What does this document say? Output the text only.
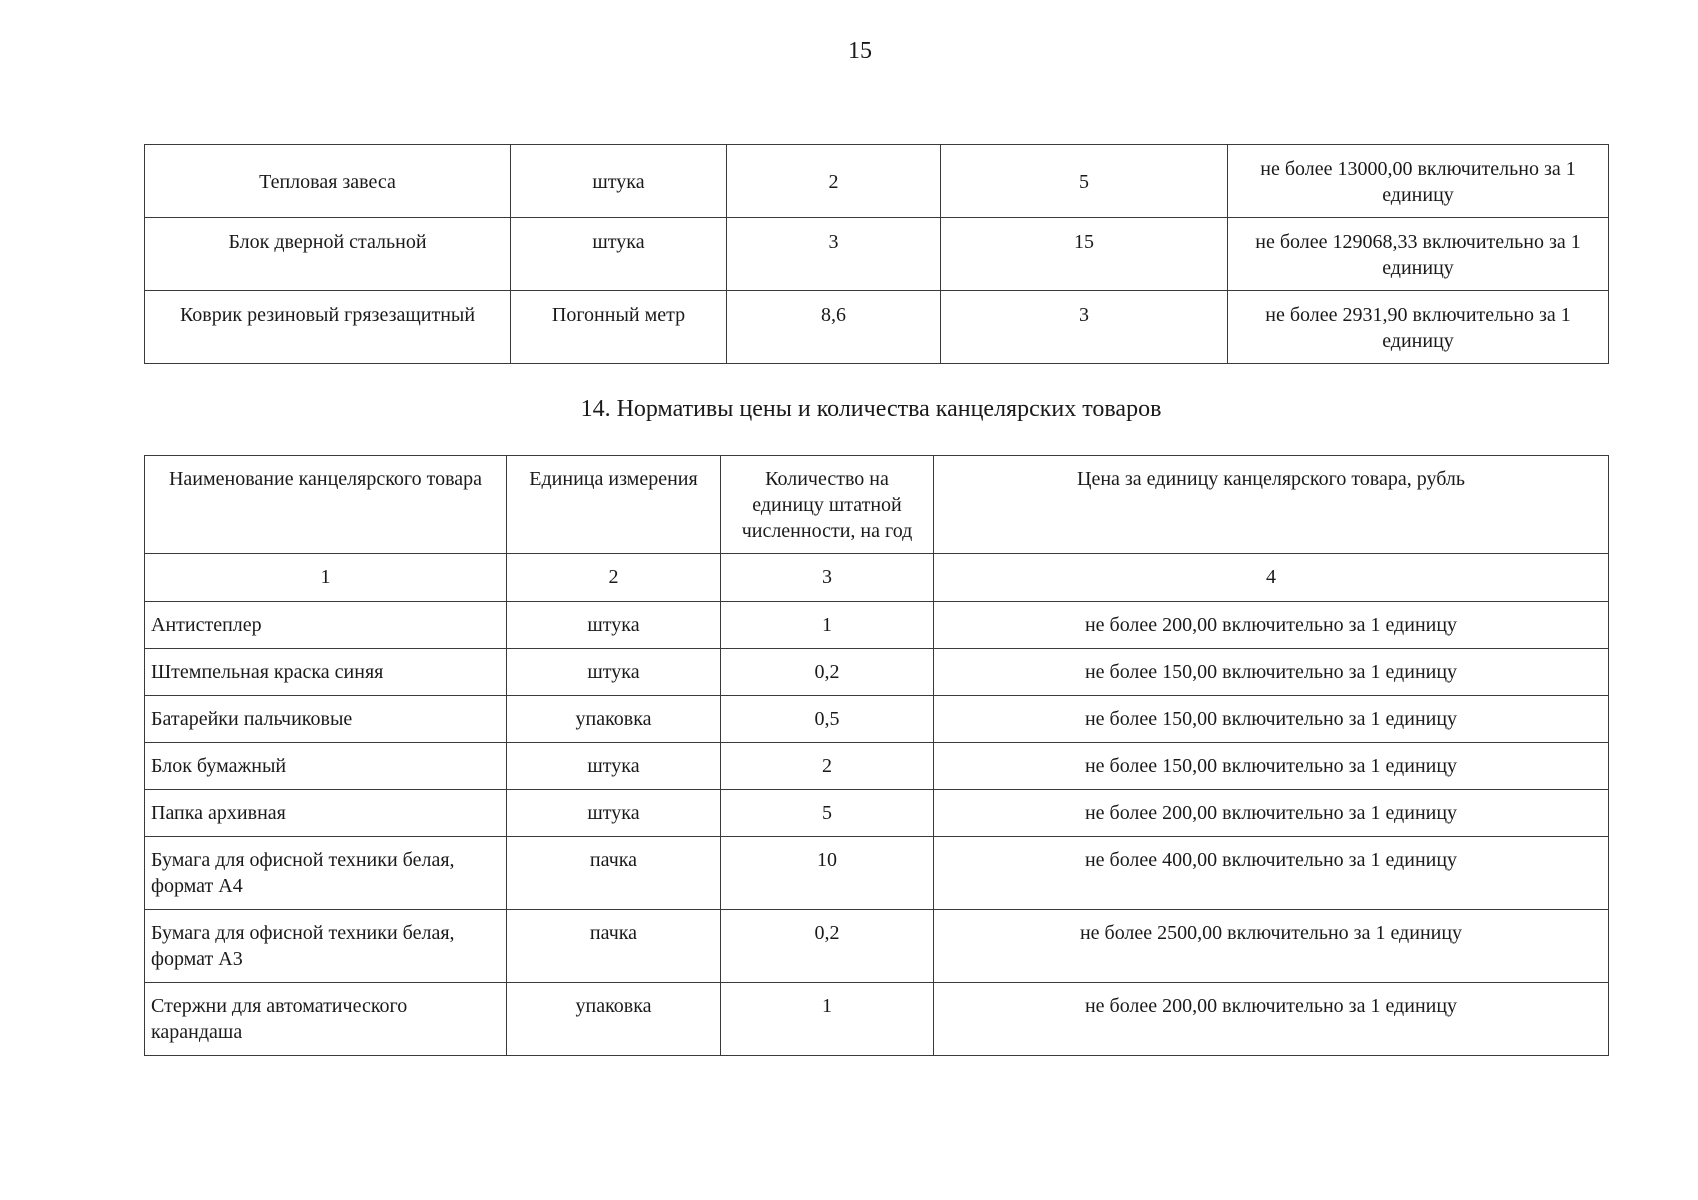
15
Тепловая завеса	штука	2	5	не более 13000,00 включительно за 1 единицу
Блок дверной стальной	штука	3	15	не более 129068,33 включительно за 1 единицу
Коврик резиновый грязезащитный	Погонный метр	8,6	3	не более 2931,90 включительно за 1 единицу
14. Нормативы цены и количества канцелярских товаров
Наименование канцелярского товара	Единица измерения	Количество на единицу штатной численности, на год	Цена за единицу канцелярского товара, рубль
1	2	3	4
Антистеплер	штука	1	не более 200,00 включительно за 1 единицу
Штемпельная краска синяя	штука	0,2	не более 150,00 включительно за 1 единицу
Батарейки пальчиковые	упаковка	0,5	не более 150,00 включительно за 1 единицу
Блок бумажный	штука	2	не более 150,00 включительно за 1 единицу
Папка архивная	штука	5	не более 200,00 включительно за 1 единицу
Бумага для офисной техники белая, формат А4	пачка	10	не более 400,00 включительно за 1 единицу
Бумага для офисной техники белая, формат А3	пачка	0,2	не более 2500,00 включительно за 1 единицу
Стержни для автоматического карандаша	упаковка	1	не более 200,00 включительно за 1 единицу
